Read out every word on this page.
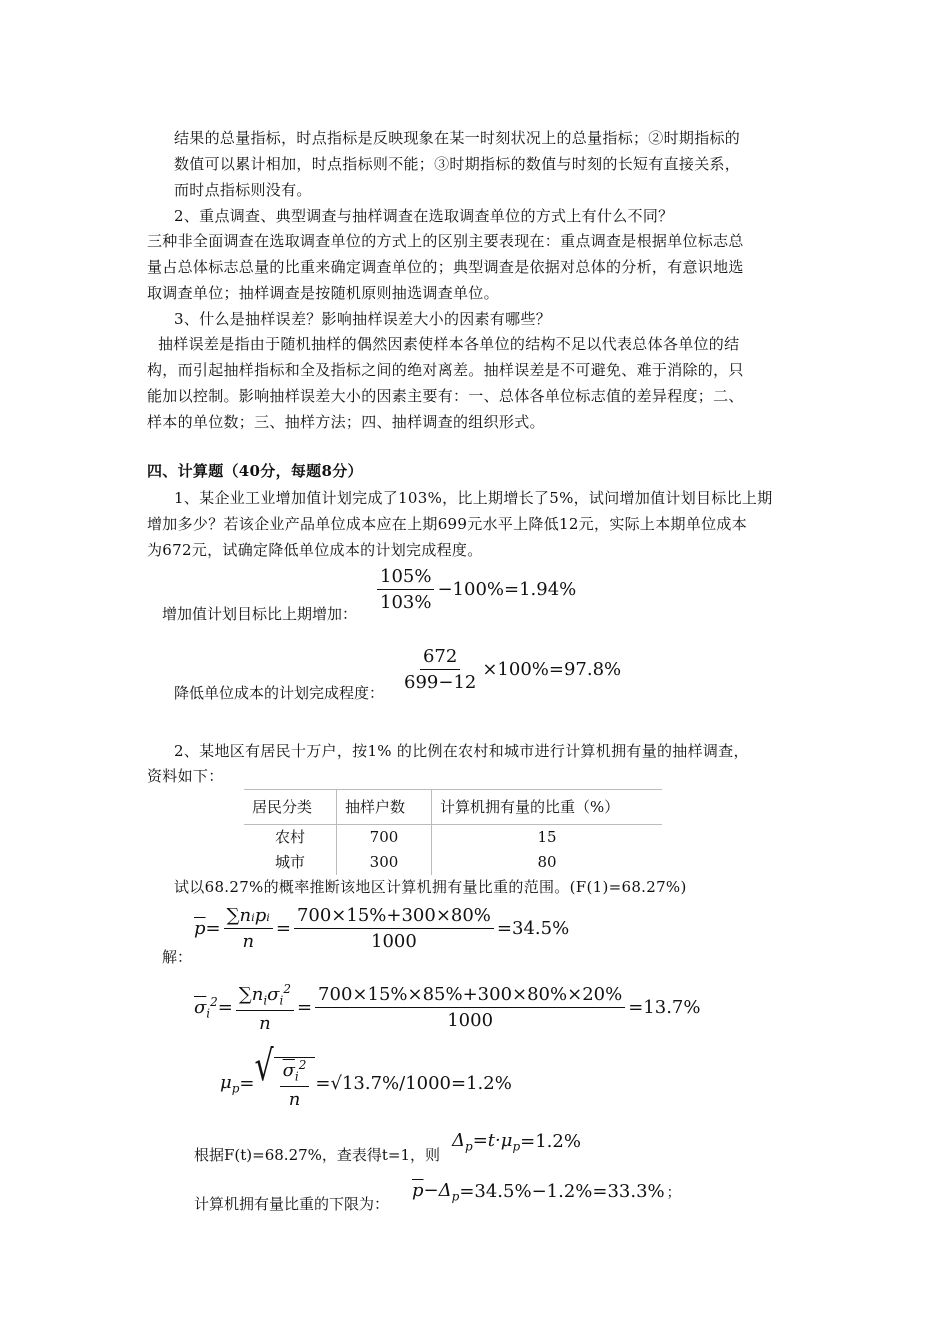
结果的总量指标，时点指标是反映现象在某一时刻状况上的总量指标；②时期指标的
数值可以累计相加，时点指标则不能；③时期指标的数值与时刻的长短有直接关系，
而时点指标则没有。
2、重点调查、典型调查与抽样调查在选取调查单位的方式上有什么不同？
三种非全面调查在选取调查单位的方式上的区别主要表现在：重点调查是根据单位标志总
量占总体标志总量的比重来确定调查单位的；典型调查是依据对总体的分析，有意识地选
取调查单位；抽样调查是按随机原则抽选调查单位。
3、什么是抽样误差？影响抽样误差大小的因素有哪些？
抽样误差是指由于随机抽样的偶然因素使样本各单位的结构不足以代表总体各单位的结
构，而引起抽样指标和全及指标之间的绝对离差。抽样误差是不可避免、难于消除的，只
能加以控制。影响抽样误差大小的因素主要有：一、总体各单位标志值的差异程度；二、
样本的单位数；三、抽样方法；四、抽样调查的组织形式。
四、计算题（40分，每题8分）
1、某企业工业增加值计划完成了103%，比上期增长了5%，试问增加值计划目标比上期
增加多少？若该企业产品单位成本应在上期699元水平上降低12元，实际上本期单位成本
为672元，试确定降低单位成本的计划完成程度。
增加值计划目标比上期增加：
$\frac{105\%}{103\%} -100\%=1.94\%$
降低单位成本的计划完成程度： $\frac{672}{699-12} \times 100\%=97.8\%$
2、某地区有居民十万户，按1% 的比例在农村和城市进行计算机拥有量的抽样调查，
资料如下：
居民分类	抽样户数	计算机拥有量的比重（%）
农村	700	15
城市	300	80
试以68.27%的概率推断该地区计算机拥有量比重的范围。(F(1)=68.27%)
解：
$\overline{p} = \frac{\text{∑nᵢpᵢ}}{n} = \frac{700\times 15\%+300\times 80\%}{1000} =34.5\%$
$\overline{\sigma}_i^2 = \frac{\sum n_i\sigma_i^2}{n} = \frac{700\times 15\%\times 85\%+300\times 80\%\times 20\%}{1000} =13.7\%$
$\mu_p$ = √ $\frac{\sigma_i^2}{n} =√13.7\%/1000 =1.2\%$
根据F(t)=68.27%，查表得t=1，则
$\Delta_p=t\cdot\mu_p =1.2\%$
计算机拥有量比重的下限为：
$\overline{p}-\Delta_p =34.5\%-1.2\%=33.3\%$ ；
